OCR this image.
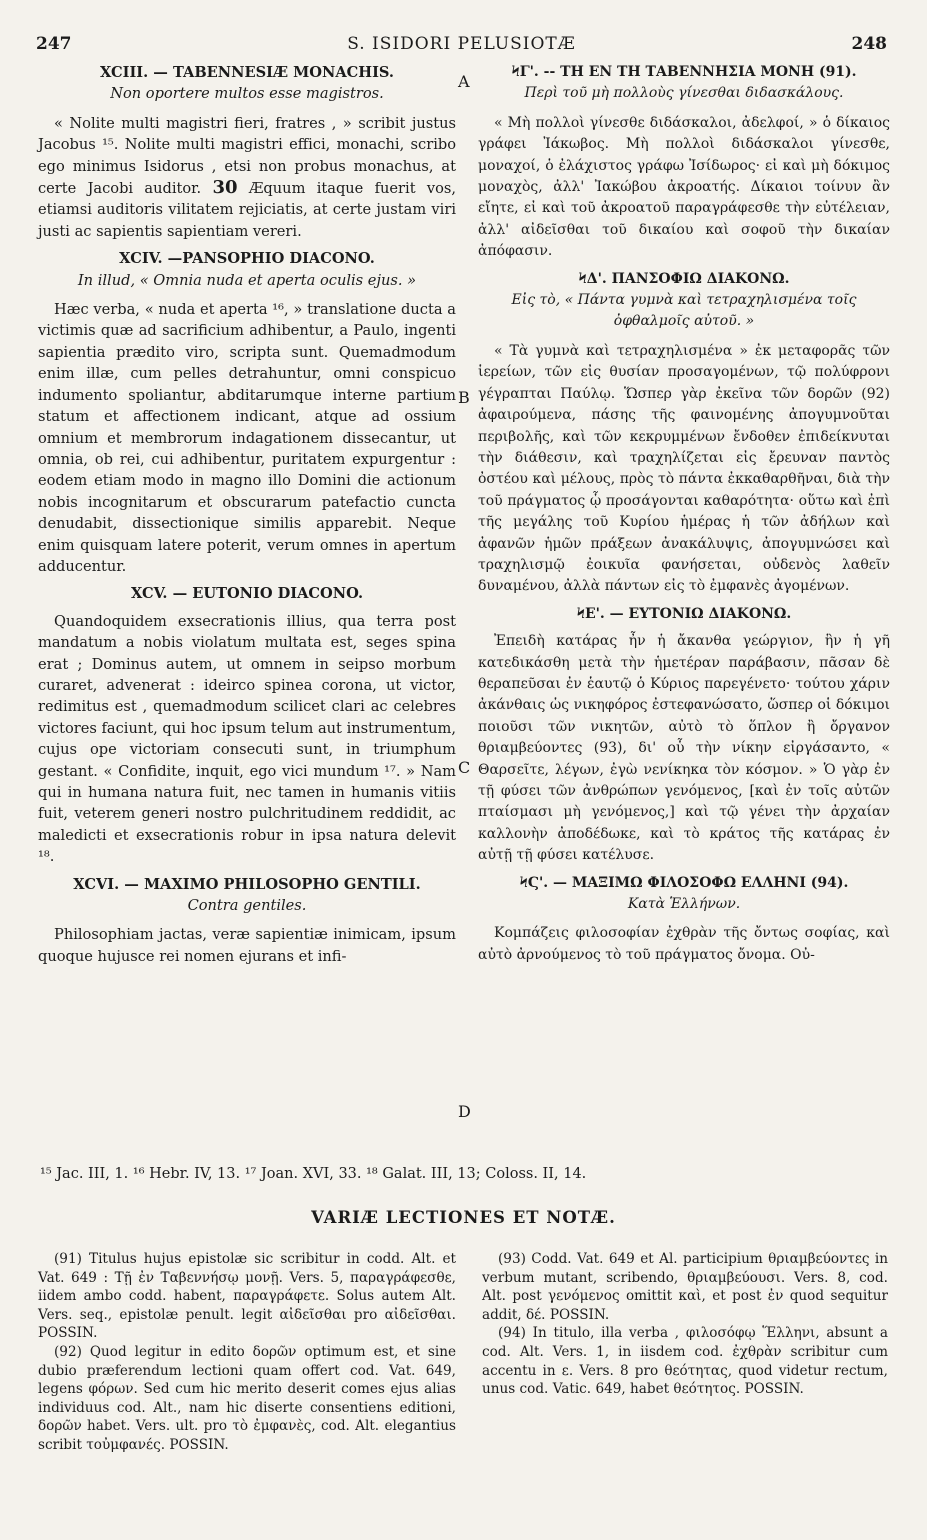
247	S. ISIDORI PELUSIOTÆ	248
A
B
C
D

XCIII. — TABENNESIÆ MONACHIS.

Non oportere multos esse magistros.

« Nolite multi magistri fieri, fratres , » scribit justus Jacobus ¹⁵. Nolite multi magistri effici, monachi, scribo ego minimus Isidorus , etsi non probus monachus, at certe Jacobi auditor. 30 Æquum itaque fuerit vos, etiamsi auditoris vilitatem rejiciatis, at certe justam viri justi ac sapientis sapientiam vereri.

XCIV. —PANSOPHIO DIACONO.

In illud, « Omnia nuda et aperta oculis ejus. »

Hæc verba, « nuda et aperta ¹⁶, » translatione ducta a victimis quæ ad sacrificium adhibentur, a Paulo, ingenti sapientia prædito viro, scripta sunt. Quemadmodum enim illæ, cum pelles detrahuntur, omni conspicuo indumento spoliantur, abditarumque interne partium statum et affectionem indicant, atque ad ossium omnium et membrorum indagationem dissecantur, ut omnia, ob rei, cui adhibentur, puritatem expurgentur : eodem etiam modo in magno illo Domini die actionum nobis incognitarum et obscurarum patefactio cuncta denudabit, dissectionique similis apparebit. Neque enim quisquam latere poterit, verum omnes in apertum adducentur.

XCV. — EUTONIO DIACONO.

Quandoquidem exsecrationis illius, qua terra post mandatum a nobis violatum multata est, seges spina erat ; Dominus autem, ut omnem in seipso morbum curaret, advenerat : ideirco spinea corona, ut victor, redimitus est , quemadmodum scilicet clari ac celebres victores faciunt, qui hoc ipsum telum aut instrumentum, cujus ope victoriam consecuti sunt, in triumphum gestant. « Confidite, inquit, ego vici mundum ¹⁷. » Nam qui in humana natura fuit, nec tamen in humanis vitiis fuit, veterem generi nostro pulchritudinem reddidit, ac maledicti et exsecrationis robur in ipsa natura delevit ¹⁸.

XCVI. — MAXIMO PHILOSOPHO GENTILI.

Contra gentiles.

Philosophiam jactas, veræ sapientiæ inimicam, ipsum quoque hujusce rei nomen ejurans et infi-

ϞΓ'. -- ΤΗ ΕΝ ΤΗ ΤΑΒΕΝΝΗΣΙΑ ΜΟΝΗ (91).

Περὶ τοῦ μὴ πολλοὺς γίνεσθαι διδασκάλους.

« Μὴ πολλοὶ γίνεσθε διδάσκαλοι, ἀδελφοί, » ὁ δίκαιος γράφει Ἰάκωβος. Μὴ πολλοὶ διδάσκαλοι γίνεσθε, μοναχοί, ὁ ἐλάχιστος γράφω Ἰσίδωρος· εἰ καὶ μὴ δόκιμος μοναχὸς, ἀλλ' Ἰακώβου ἀκροατής. Δίκαιοι τοίνυν ἂν εἴητε, εἰ καὶ τοῦ ἀκροατοῦ παραγράφεσθε τὴν εὐτέλειαν, ἀλλ' αἰδεῖσθαι τοῦ δικαίου καὶ σοφοῦ τὴν δικαίαν ἀπόφασιν.

ϞΔ'. ΠΑΝΣΟΦΙΩ ΔΙΑΚΟΝΩ.

Εἰς τὸ, « Πάντα γυμνὰ καὶ τετραχηλισμένα τοῖς ὀφθαλμοῖς αὐτοῦ. »

« Τὰ γυμνὰ καὶ τετραχηλισμένα » ἐκ μεταφορᾶς τῶν ἱερείων, τῶν εἰς θυσίαν προσαγομένων, τῷ πολύφρονι γέγραπται Παύλῳ. Ὥσπερ γὰρ ἐκεῖνα τῶν δορῶν (92) ἀφαιρούμενα, πάσης τῆς φαινομένης ἀπογυμνοῦται περιβολῆς, καὶ τῶν κεκρυμμένων ἔνδοθεν ἐπιδείκνυται τὴν διάθεσιν, καὶ τραχηλίζεται εἰς ἔρευναν παντὸς ὀστέου καὶ μέλους, πρὸς τὸ πάντα ἐκκαθαρθῆναι, διὰ τὴν τοῦ πράγματος ᾧ προσάγονται καθαρότητα· οὕτω καὶ ἐπὶ τῆς μεγάλης τοῦ Κυρίου ἡμέρας ἡ τῶν ἀδήλων καὶ ἀφανῶν ἡμῶν πράξεων ἀνακάλυψις, ἀπογυμνώσει καὶ τραχηλισμῷ ἐοικυῖα φανήσεται, οὐδενὸς λαθεῖν δυναμένου, ἀλλὰ πάντων εἰς τὸ ἐμφανὲς ἀγομένων.

ϞΕ'. — ΕΥΤΟΝΙΩ ΔΙΑΚΟΝΩ.

Ἐπειδὴ κατάρας ἦν ἡ ἄκανθα γεώργιον, ἣν ἡ γῆ κατεδικάσθη μετὰ τὴν ἡμετέραν παράβασιν, πᾶσαν δὲ θεραπεῦσαι ἐν ἑαυτῷ ὁ Κύριος παρεγένετο· τούτου χάριν ἀκάνθαις ὡς νικηφόρος ἐστεφανώσατο, ὥσπερ οἱ δόκιμοι ποιοῦσι τῶν νικητῶν, αὐτὸ τὸ ὅπλον ἢ ὄργανον θριαμβεύοντες (93), δι' οὗ τὴν νίκην εἰργάσαντο, « Θαρσεῖτε, λέγων, ἐγὼ νενίκηκα τὸν κόσμον. » Ὁ γὰρ ἐν τῇ φύσει τῶν ἀνθρώπων γενόμενος, [καὶ ἐν τοῖς αὐτῶν πταίσμασι μὴ γενόμενος,] καὶ τῷ γένει τὴν ἀρχαίαν καλλονὴν ἀποδέδωκε, καὶ τὸ κράτος τῆς κατάρας ἐν αὐτῇ τῇ φύσει κατέλυσε.

ϞϚ'. — ΜΑΞΙΜΩ ΦΙΛΟΣΟΦΩ ΕΛΛΗΝΙ (94).

Κατὰ Ἑλλήνων.

Κομπάζεις φιλοσοφίαν ἐχθρὰν τῆς ὄντως σοφίας, καὶ αὐτὸ ἀρνούμενος τὸ τοῦ πράγματος ὄνομα. Οὐ-

¹⁵ Jac. III, 1. ¹⁶ Hebr. IV, 13. ¹⁷ Joan. XVI, 33. ¹⁸ Galat. III, 13; Coloss. II, 14.
VARIÆ LECTIONES ET NOTÆ.

(91) Titulus hujus epistolæ sic scribitur in codd. Alt. et Vat. 649 : Τῇ ἐν Ταβεννήσῳ μονῇ. Vers. 5, παραγράφεσθε, iidem ambo codd. habent, παραγράφετε. Solus autem Alt. Vers. seq., epistolæ penult. legit αἰδεῖσθαι pro αἰδεῖσθαι. POSSIN.

(92) Quod legitur in edito δορῶν optimum est, et sine dubio præferendum lectioni quam offert cod. Vat. 649, legens φόρων. Sed cum hic merito deserit comes ejus alias individuus cod. Alt., nam hic diserte consentiens editioni, δορῶν habet. Vers. ult. pro τὸ ἐμφανὲς, cod. Alt. elegantius scribit τοὐμφανές. POSSIN.

(93) Codd. Vat. 649 et Al. participium θριαμβεύοντες in verbum mutant, scribendo, θριαμβεύουσι. Vers. 8, cod. Alt. post γενόμενος omittit καὶ, et post ἐν quod sequitur addit, δέ. POSSIN.

(94) In titulo, illa verba , φιλοσόφῳ Ἕλληνι, absunt a cod. Alt. Vers. 1, in iisdem cod. ἐχθρὰν scribitur cum accentu in ε. Vers. 8 pro θεότητας, quod videtur rectum, unus cod. Vatic. 649, habet θεότητος. POSSIN.
